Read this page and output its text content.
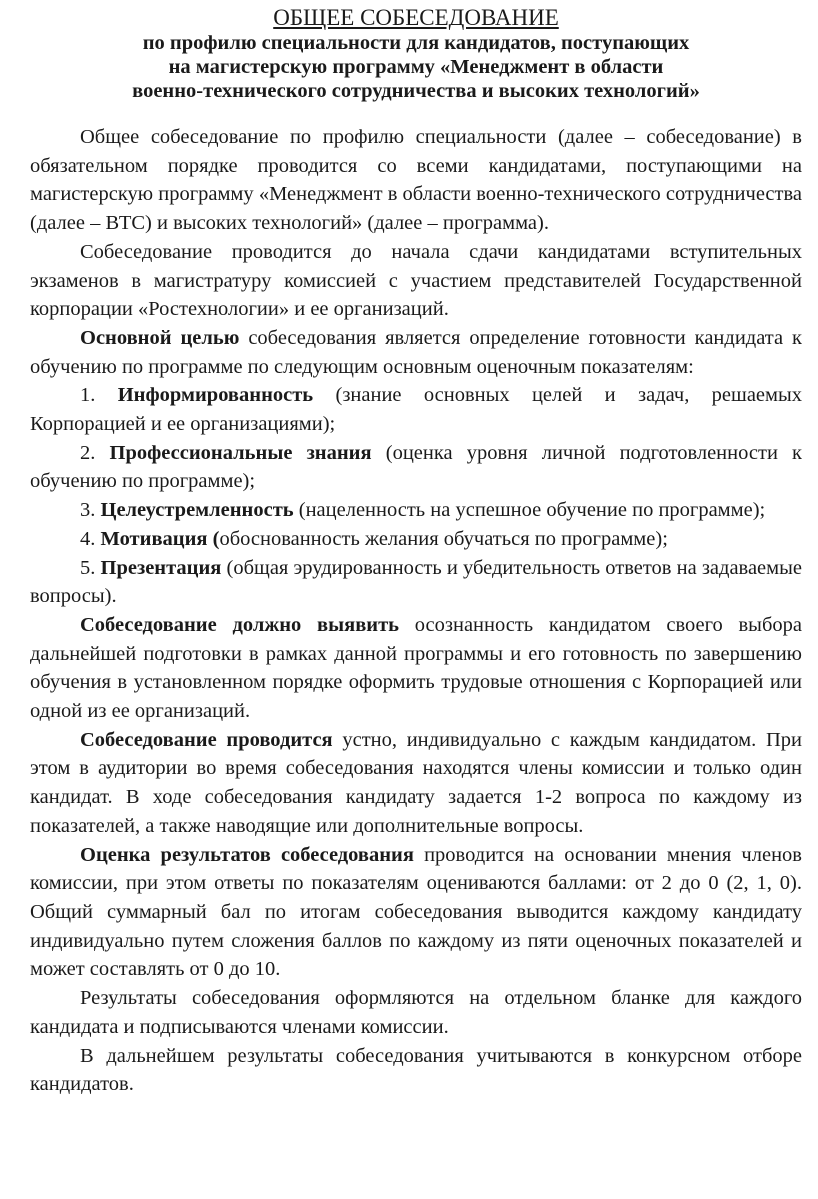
ОБЩЕЕ СОБЕСЕДОВАНИЕ
по профилю специальности для кандидатов, поступающих
на магистерскую программу «Менеджмент в области
военно-технического сотрудничества и высоких технологий»

Общее собеседование по профилю специальности (далее – собеседование) в обязательном порядке проводится со всеми кандидатами, поступающими на магистерскую программу «Менеджмент в области военно-технического сотрудничества (далее – ВТС) и высоких технологий» (далее – программа).

Собеседование проводится до начала сдачи кандидатами вступительных экзаменов в магистратуру комиссией с участием представителей Государственной корпорации «Ростехнологии» и ее организаций.

Основной целью собеседования является определение готовности кандидата к обучению по программе по следующим основным оценочным показателям:

1. Информированность (знание основных целей и задач, решаемых Корпорацией и ее организациями);

2. Профессиональные знания (оценка уровня личной подготовленности к обучению по программе);

3. Целеустремленность (нацеленность на успешное обучение по программе);

4. Мотивация (обоснованность желания обучаться по программе);

5. Презентация (общая эрудированность и убедительность ответов на задаваемые вопросы).

Собеседование должно выявить осознанность кандидатом своего выбора дальнейшей подготовки в рамках данной программы и его готовность по завершению обучения в установленном порядке оформить трудовые отношения с Корпорацией или одной из ее организаций.

Собеседование проводится устно, индивидуально с каждым кандидатом. При этом в аудитории во время собеседования находятся члены комиссии и только один кандидат. В ходе собеседования кандидату задается 1-2 вопроса по каждому из показателей, а также наводящие или дополнительные вопросы.

Оценка результатов собеседования проводится на основании мнения членов комиссии, при этом ответы по показателям оцениваются баллами: от 2 до 0 (2, 1, 0). Общий суммарный бал по итогам собеседования выводится каждому кандидату индивидуально путем сложения баллов по каждому из пяти оценочных показателей и может составлять от 0 до 10.

Результаты собеседования оформляются на отдельном бланке для каждого кандидата и подписываются членами комиссии.

В дальнейшем результаты собеседования учитываются в конкурсном отборе кандидатов.
